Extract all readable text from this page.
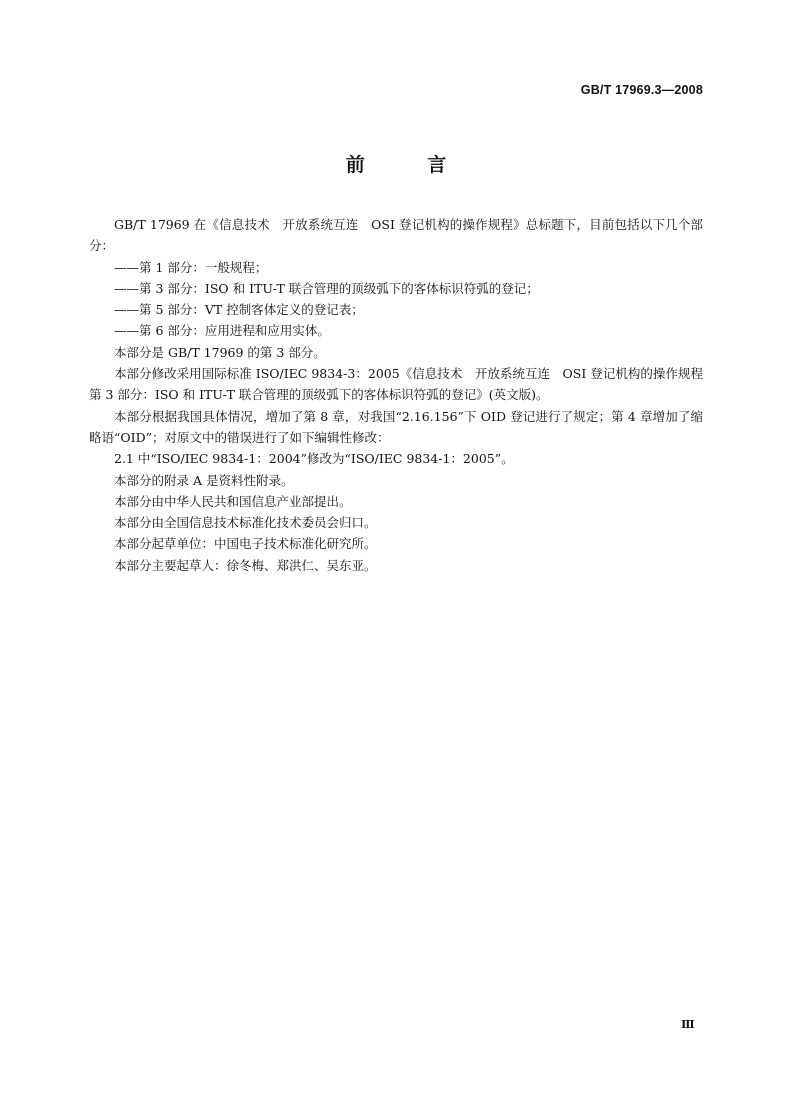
GB/T 17969.3—2008
前 言

GB/T 17969 在《信息技术　开放系统互连　OSI 登记机构的操作规程》总标题下，目前包括以下几个部分：

——第 1 部分：一般规程；

——第 3 部分：ISO 和 ITU-T 联合管理的顶级弧下的客体标识符弧的登记；

——第 5 部分：VT 控制客体定义的登记表；

——第 6 部分：应用进程和应用实体。

本部分是 GB/T 17969 的第 3 部分。

本部分修改采用国际标准 ISO/IEC 9834-3：2005《信息技术　开放系统互连　OSI 登记机构的操作规程　第 3 部分：ISO 和 ITU-T 联合管理的顶级弧下的客体标识符弧的登记》(英文版)。

本部分根据我国具体情况，增加了第 8 章，对我国“2.16.156”下 OID 登记进行了规定；第 4 章增加了缩略语“OID”；对原文中的错误进行了如下编辑性修改：

2.1 中“ISO/IEC 9834-1：2004”修改为“ISO/IEC 9834-1：2005”。

本部分的附录 A 是资料性附录。

本部分由中华人民共和国信息产业部提出。

本部分由全国信息技术标准化技术委员会归口。

本部分起草单位：中国电子技术标准化研究所。

本部分主要起草人：徐冬梅、郑洪仁、吴东亚。

Ⅲ
